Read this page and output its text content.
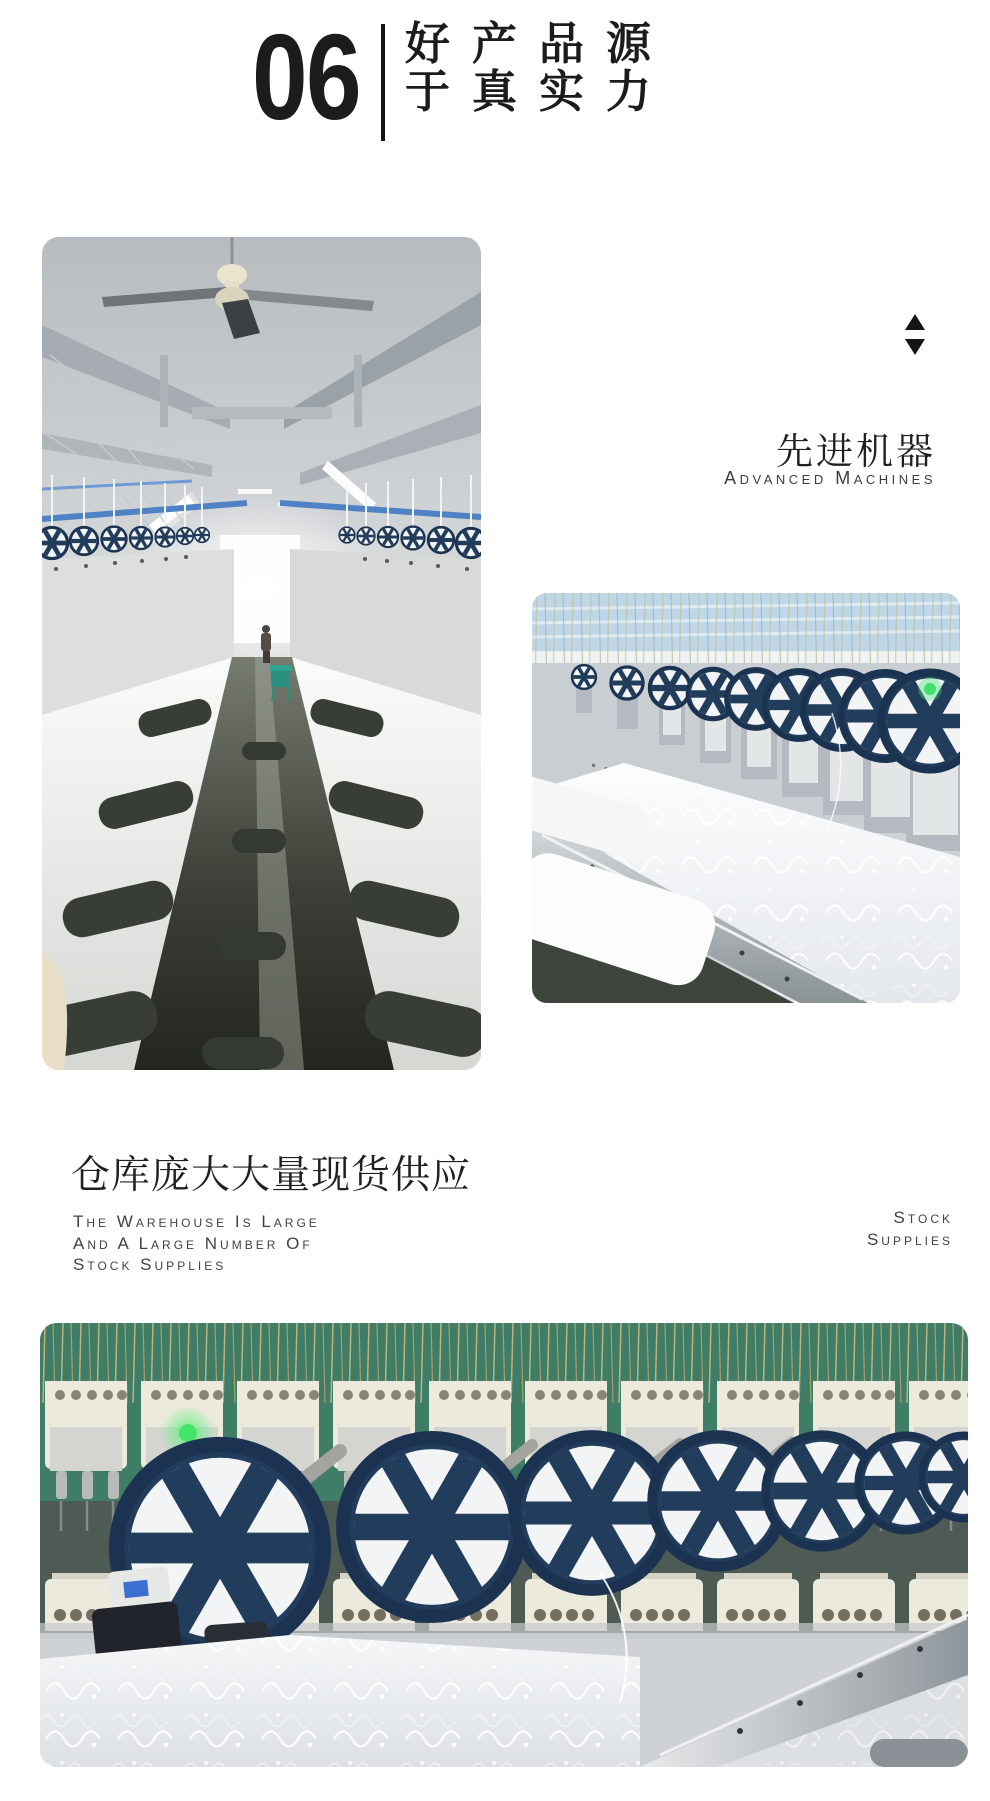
06 好产品源
于真实力
先进机器
Advanced Machines
仓库庞大大量现货供应
The Warehouse Is Large
And A Large Number Of
Stock Supplies
Stock
Supplies
